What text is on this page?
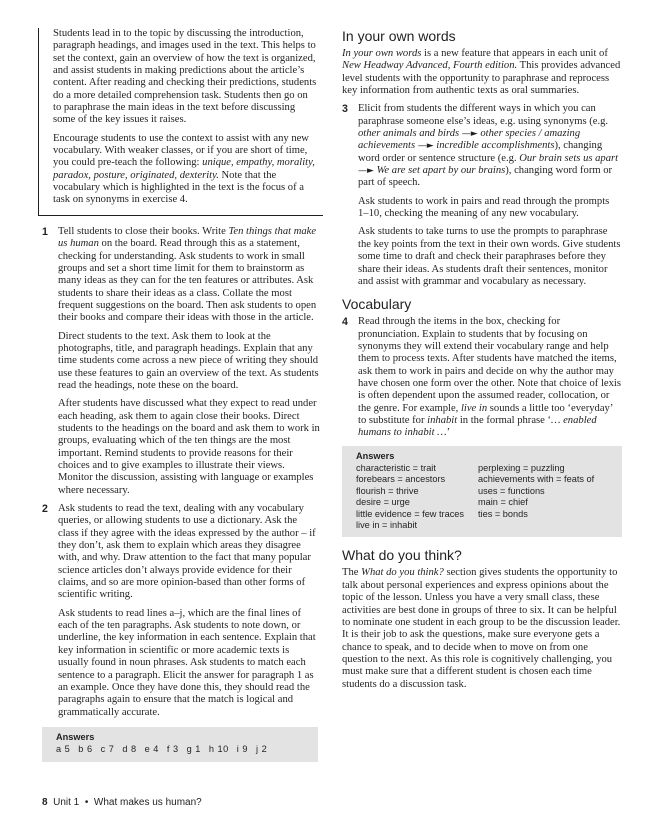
Students lead in to the topic by discussing the introduction, paragraph headings, and images used in the text. This helps to set the context, gain an overview of how the text is organized, and assist students in making predictions about the article’s content. After reading and checking their predictions, students do a more detailed comprehension task. Students then go on to paraphrase the main ideas in the text before discussing some of the key issues it raises.

Encourage students to use the context to assist with any new vocabulary. With weaker classes, or if you are short of time, you could pre-teach the following: unique, empathy, morality, paradox, posture, originated, dexterity. Note that the vocabulary which is highlighted in the text is the focus of a task on synonyms in exercise 4.

1 Tell students to close their books. Write Ten things that make us human on the board. Read through this as a statement, checking for understanding. Ask students to work in small groups and set a short time limit for them to brainstorm as many ideas as they can for the ten features or attributes. Ask students to share their ideas as a class. Collate the most frequent suggestions on the board. Then ask students to open their books and compare their ideas with those in the article.

Direct students to the text. Ask them to look at the photographs, title, and paragraph headings. Explain that any time students come across a new piece of writing they should use these features to gain an overview of the text. As students read the headings, note these on the board.

After students have discussed what they expect to read under each heading, ask them to again close their books. Direct students to the headings on the board and ask them to work in groups, evaluating which of the ten things are the most important. Remind students to provide reasons for their choices and to give examples to illustrate their views. Monitor the discussion, assisting with language or examples where necessary.

2 Ask students to read the text, dealing with any vocabulary queries, or allowing students to use a dictionary. Ask the class if they agree with the ideas expressed by the author – if they don’t, ask them to explain which areas they disagree with, and why. Draw attention to the fact that many popular science articles don’t always provide evidence for their claims, and so are more opinion-based than other forms of scientific writing.

Ask students to read lines a–j, which are the final lines of each of the ten paragraphs. Ask students to note down, or underline, the key information in each sentence. Explain that key information in scientific or more academic texts is usually found in noun phrases. Ask students to match each sentence to a paragraph. Elicit the answer for paragraph 1 as an example. Once they have done this, they should read the paragraphs again to ensure that the match is logical and grammatically accurate.

Answers
a 5 b 6 c 7 d 8 e 4 f 3 g 1 h 10 i 9 j 2
In your own words

In your own words is a new feature that appears in each unit of New Headway Advanced, Fourth edition. This provides advanced level students with the opportunity to paraphrase and reprocess key information from authentic texts as oral summaries.

3 Elicit from students the different ways in which you can paraphrase someone else’s ideas, e.g. using synonyms (e.g. other animals and birds —► other species / amazing achievements —► incredible accomplishments), changing word order or sentence structure (e.g. Our brain sets us apart —► We are set apart by our brains), changing word form or part of speech.

Ask students to work in pairs and read through the prompts 1–10, checking the meaning of any new vocabulary.

Ask students to take turns to use the prompts to paraphrase the key points from the text in their own words. Give students some time to draft and check their paraphrases before they share their ideas. As students draft their sentences, monitor and assist with grammar and vocabulary as necessary.

Vocabulary
4 Read through the items in the box, checking for pronunciation. Explain to students that by focusing on synonyms they will extend their vocabulary range and help them to process texts. After students have matched the items, ask them to work in pairs and decide on why the author may have chosen one form over the other. Note that choice of lexis is often dependent upon the assumed reader, collocation, or the genre. For example, live in sounds a little too ‘everyday’ to substitute for inhabit in the formal phrase ‘… enabled humans to inhabit …’

Answers
characteristic = trait
forebears = ancestors
flourish = thrive
desire = urge
little evidence = few traces
live in = inhabit
perplexing = puzzling
achievements with = feats of
uses = functions
main = chief
ties = bonds
What do you think?

The What do you think? section gives students the opportunity to talk about personal experiences and express opinions about the topic of the lesson. Unless you have a very small class, these activities are best done in groups of three to six. It can be helpful to nominate one student in each group to be the discussion leader. It is their job to ask the questions, make sure everyone gets a chance to speak, and to decide when to move on from one question to the next. As this role is cognitively challenging, you must make sure that a different student is chosen each time students do a discussion task.

8 Unit 1 • What makes us human?
